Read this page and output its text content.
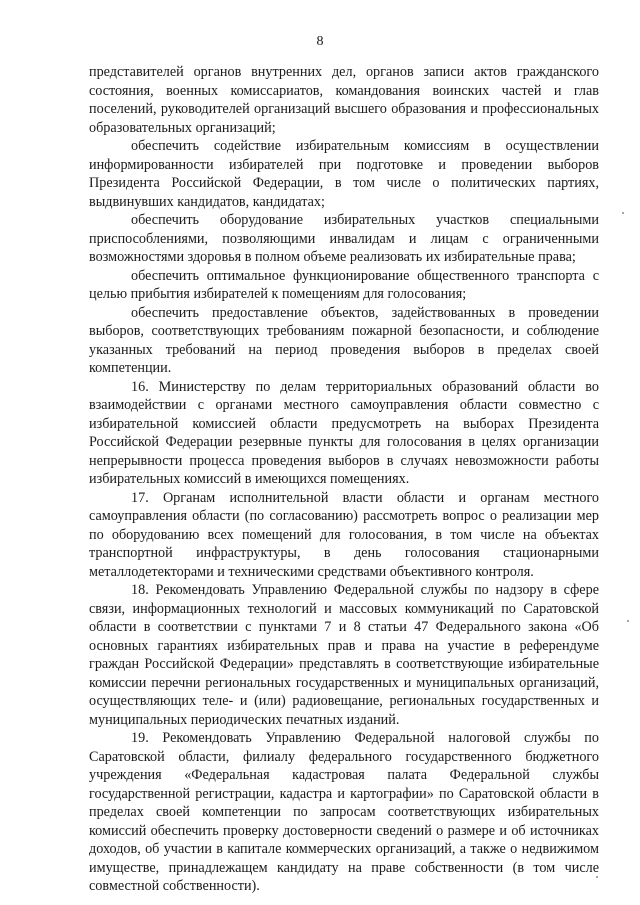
8

представителей органов внутренних дел, органов записи актов гражданского состояния, военных комиссариатов, командования воинских частей и глав поселений, руководителей организаций высшего образования и профессиональных образовательных организаций;

обеспечить содействие избирательным комиссиям в осуществлении информированности избирателей при подготовке и проведении выборов Президента Российской Федерации, в том числе о политических партиях, выдвинувших кандидатов, кандидатах;

обеспечить оборудование избирательных участков специальными приспособлениями, позволяющими инвалидам и лицам с ограниченными возможностями здоровья в полном объеме реализовать их избирательные права;

обеспечить оптимальное функционирование общественного транспорта с целью прибытия избирателей к помещениям для голосования;

обеспечить предоставление объектов, задействованных в проведении выборов, соответствующих требованиям пожарной безопасности, и соблюдение указанных требований на период проведения выборов в пределах своей компетенции.

16. Министерству по делам территориальных образований области во взаимодействии с органами местного самоуправления области совместно с избирательной комиссией области предусмотреть на выборах Президента Российской Федерации резервные пункты для голосования в целях организации непрерывности процесса проведения выборов в случаях невозможности работы избирательных комиссий в имеющихся помещениях.

17. Органам исполнительной власти области и органам местного самоуправления области (по согласованию) рассмотреть вопрос о реализации мер по оборудованию всех помещений для голосования, в том числе на объектах транспортной инфраструктуры, в день голосования стационарными металлодетекторами и техническими средствами объективного контроля.

18. Рекомендовать Управлению Федеральной службы по надзору в сфере связи, информационных технологий и массовых коммуникаций по Саратовской области в соответствии с пунктами 7 и 8 статьи 47 Федерального закона «Об основных гарантиях избирательных прав и права на участие в референдуме граждан Российской Федерации» представлять в соответствующие избирательные комиссии перечни региональных государственных и муниципальных организаций, осуществляющих теле- и (или) радиовещание, региональных государственных и муниципальных периодических печатных изданий.

19. Рекомендовать Управлению Федеральной налоговой службы по Саратовской области, филиалу федерального государственного бюджетного учреждения «Федеральная кадастровая палата Федеральной службы государственной регистрации, кадастра и картографии» по Саратовской области в пределах своей компетенции по запросам соответствующих избирательных комиссий обеспечить проверку достоверности сведений о размере и об источниках доходов, об участии в капитале коммерческих организаций, а также о недвижимом имуществе, принадлежащем кандидату на праве собственности (в том числе совместной собственности).
